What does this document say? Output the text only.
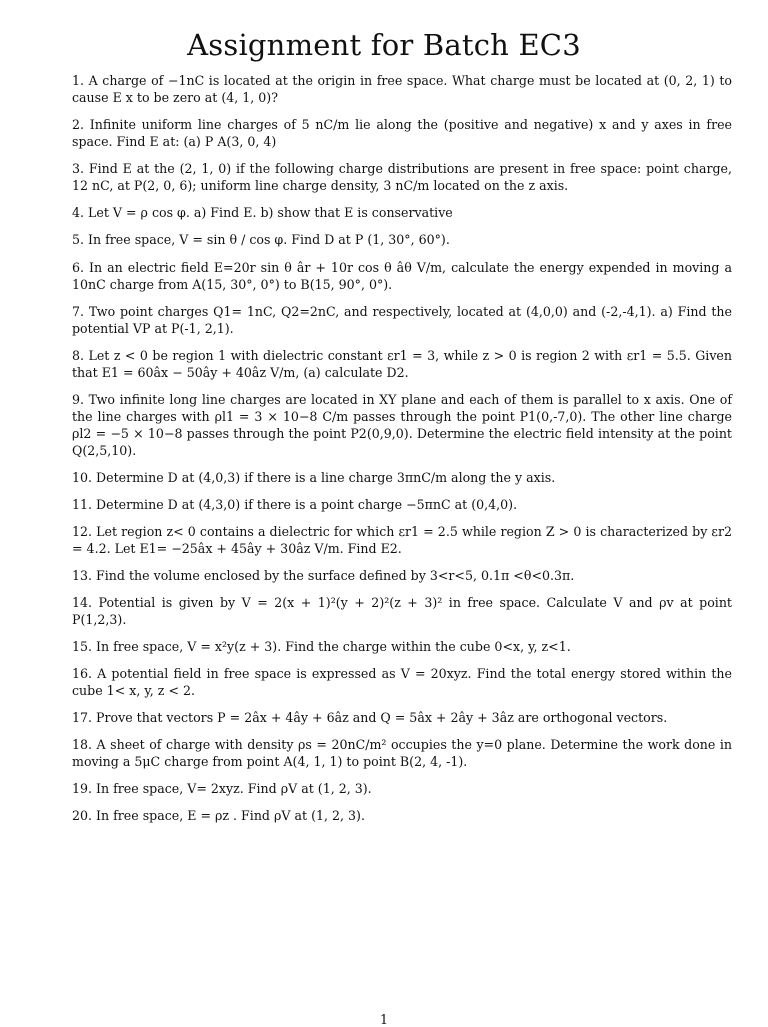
Assignment for Batch EC3

1. A charge of −1nC is located at the origin in free space. What charge must be located at (0, 2, 1) to cause E x to be zero at (4, 1, 0)?

2. Infinite uniform line charges of 5 nC/m lie along the (positive and negative) x and y axes in free space. Find E at: (a) P A(3, 0, 4)

3. Find E at the (2, 1, 0) if the following charge distributions are present in free space: point charge, 12 nC, at P(2, 0, 6); uniform line charge density, 3 nC/m located on the z axis.

4. Let V = ρ cos φ. a) Find E. b) show that E is conservative

5. In free space, V = sin θ / cos φ. Find D at P (1, 30°, 60°).

6. In an electric field E=20r sin θ âr + 10r cos θ âθ V/m, calculate the energy expended in moving a 10nC charge from A(15, 30°, 0°) to B(15, 90°, 0°).

7. Two point charges Q1= 1nC, Q2=2nC, and respectively, located at (4,0,0) and (-2,-4,1). a) Find the potential VP at P(-1, 2,1).

8. Let z < 0 be region 1 with dielectric constant εr1 = 3, while z > 0 is region 2 with εr1 = 5.5. Given that E1 = 60âx − 50ây + 40âz V/m, (a) calculate D2.

9. Two infinite long line charges are located in XY plane and each of them is parallel to x axis. One of the line charges with ρl1 = 3 × 10−8 C/m passes through the point P1(0,-7,0). The other line charge ρl2 = −5 × 10−8 passes through the point P2(0,9,0). Determine the electric field intensity at the point Q(2,5,10).

10. Determine D at (4,0,3) if there is a line charge 3πnC/m along the y axis.

11. Determine D at (4,3,0) if there is a point charge −5πnC at (0,4,0).

12. Let region z< 0 contains a dielectric for which εr1 = 2.5 while region Z > 0 is characterized by εr2 = 4.2. Let E1= −25âx + 45ây + 30âz V/m. Find E2.

13. Find the volume enclosed by the surface defined by 3<r<5, 0.1π <θ<0.3π.

14. Potential is given by V = 2(x + 1)²(y + 2)²(z + 3)² in free space. Calculate V and ρv at point P(1,2,3).

15. In free space, V = x²y(z + 3). Find the charge within the cube 0<x, y, z<1.

16. A potential field in free space is expressed as V = 20xyz. Find the total energy stored within the cube 1< x, y, z < 2.

17. Prove that vectors P = 2âx + 4ây + 6âz and Q = 5âx + 2ây + 3âz are orthogonal vectors.

18. A sheet of charge with density ρs = 20nC/m² occupies the y=0 plane. Determine the work done in moving a 5μC charge from point A(4, 1, 1) to point B(2, 4, -1).

19. In free space, V= 2xyz. Find ρV at (1, 2, 3).

20. In free space, E = ρz . Find ρV at (1, 2, 3).

1
